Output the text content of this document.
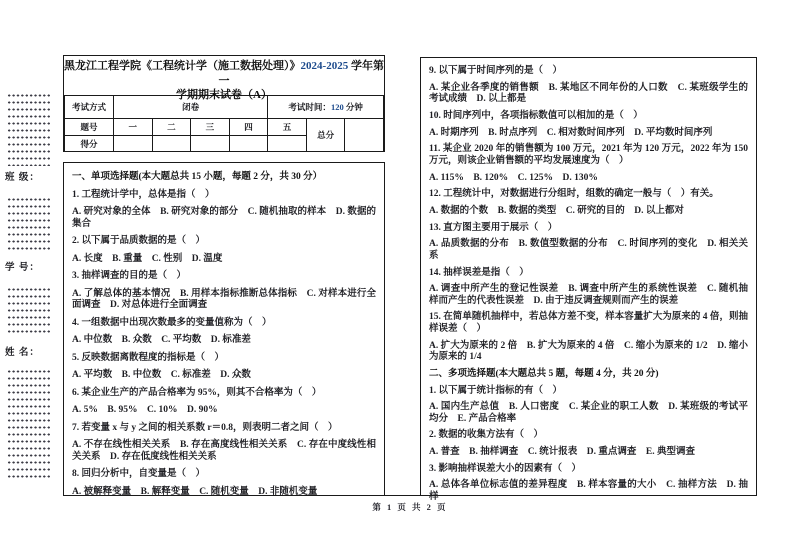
班 级：
学 号：
姓 名：
黑龙江工程学院《工程统计学（施工数据处理）》2024-2025 学年第一
学期期末试卷（A）
考试方式	闭卷				考试时间：120 分钟		
题号	一	二	三	四	五	总分	
得分							

一、单项选择题(本大题总共 15 小题，每题 2 分，共 30 分）

1. 工程统计学中，总体是指（　）

A. 研究对象的全体　B. 研究对象的部分　C. 随机抽取的样本　D. 数据的集合

2. 以下属于品质数据的是（　）

A. 长度　B. 重量　C. 性别　D. 温度

3. 抽样调查的目的是（　）

A. 了解总体的基本情况　B. 用样本指标推断总体指标　C. 对样本进行全面调查　D. 对总体进行全面调查

4. 一组数据中出现次数最多的变量值称为（　）

A. 中位数　B. 众数　C. 平均数　D. 标准差

5. 反映数据离散程度的指标是（　）

A. 平均数　B. 中位数　C. 标准差　D. 众数

6. 某企业生产的产品合格率为 95%，则其不合格率为（　）

A. 5%　B. 95%　C. 10%　D. 90%

7. 若变量 x 与 y 之间的相关系数 r＝0.8，则表明二者之间（　）

A. 不存在线性相关关系　B. 存在高度线性相关关系　C. 存在中度线性相关关系　D. 存在低度线性相关关系

8. 回归分析中，自变量是（　）

A. 被解释变量　B. 解释变量　C. 随机变量　D. 非随机变量

9. 以下属于时间序列的是（　）

A. 某企业各季度的销售额　B. 某地区不同年份的人口数　C. 某班级学生的考试成绩　D. 以上都是

10. 时间序列中，各项指标数值可以相加的是（　）

A. 时期序列　B. 时点序列　C. 相对数时间序列　D. 平均数时间序列

11. 某企业 2020 年的销售额为 100 万元，2021 年为 120 万元，2022 年为 150 万元，则该企业销售额的平均发展速度为（　）

A. 115%　B. 120%　C. 125%　D. 130%

12. 工程统计中，对数据进行分组时，组数的确定一般与（　）有关。

A. 数据的个数　B. 数据的类型　C. 研究的目的　D. 以上都对

13. 直方图主要用于展示（　）

A. 品质数据的分布　B. 数值型数据的分布　C. 时间序列的变化　D. 相关关系

14. 抽样误差是指（　）

A. 调查中所产生的登记性误差　B. 调查中所产生的系统性误差　C. 随机抽样而产生的代表性误差　D. 由于违反调查规则而产生的误差

15. 在简单随机抽样中，若总体方差不变，样本容量扩大为原来的 4 倍，则抽样误差（　）

A. 扩大为原来的 2 倍　B. 扩大为原来的 4 倍　C. 缩小为原来的 1/2　D. 缩小为原来的 1/4

二、多项选择题(本大题总共 5 题，每题 4 分，共 20 分)

1. 以下属于统计指标的有（　）

A. 国内生产总值　B. 人口密度　C. 某企业的职工人数　D. 某班级的考试平均分　E. 产品合格率

2. 数据的收集方法有（　）

A. 普查　B. 抽样调查　C. 统计报表　D. 重点调查　E. 典型调查

3. 影响抽样误差大小的因素有（　）

A. 总体各单位标志值的差异程度　B. 样本容量的大小　C. 抽样方法　D. 抽样

第 1 页 共 2 页
